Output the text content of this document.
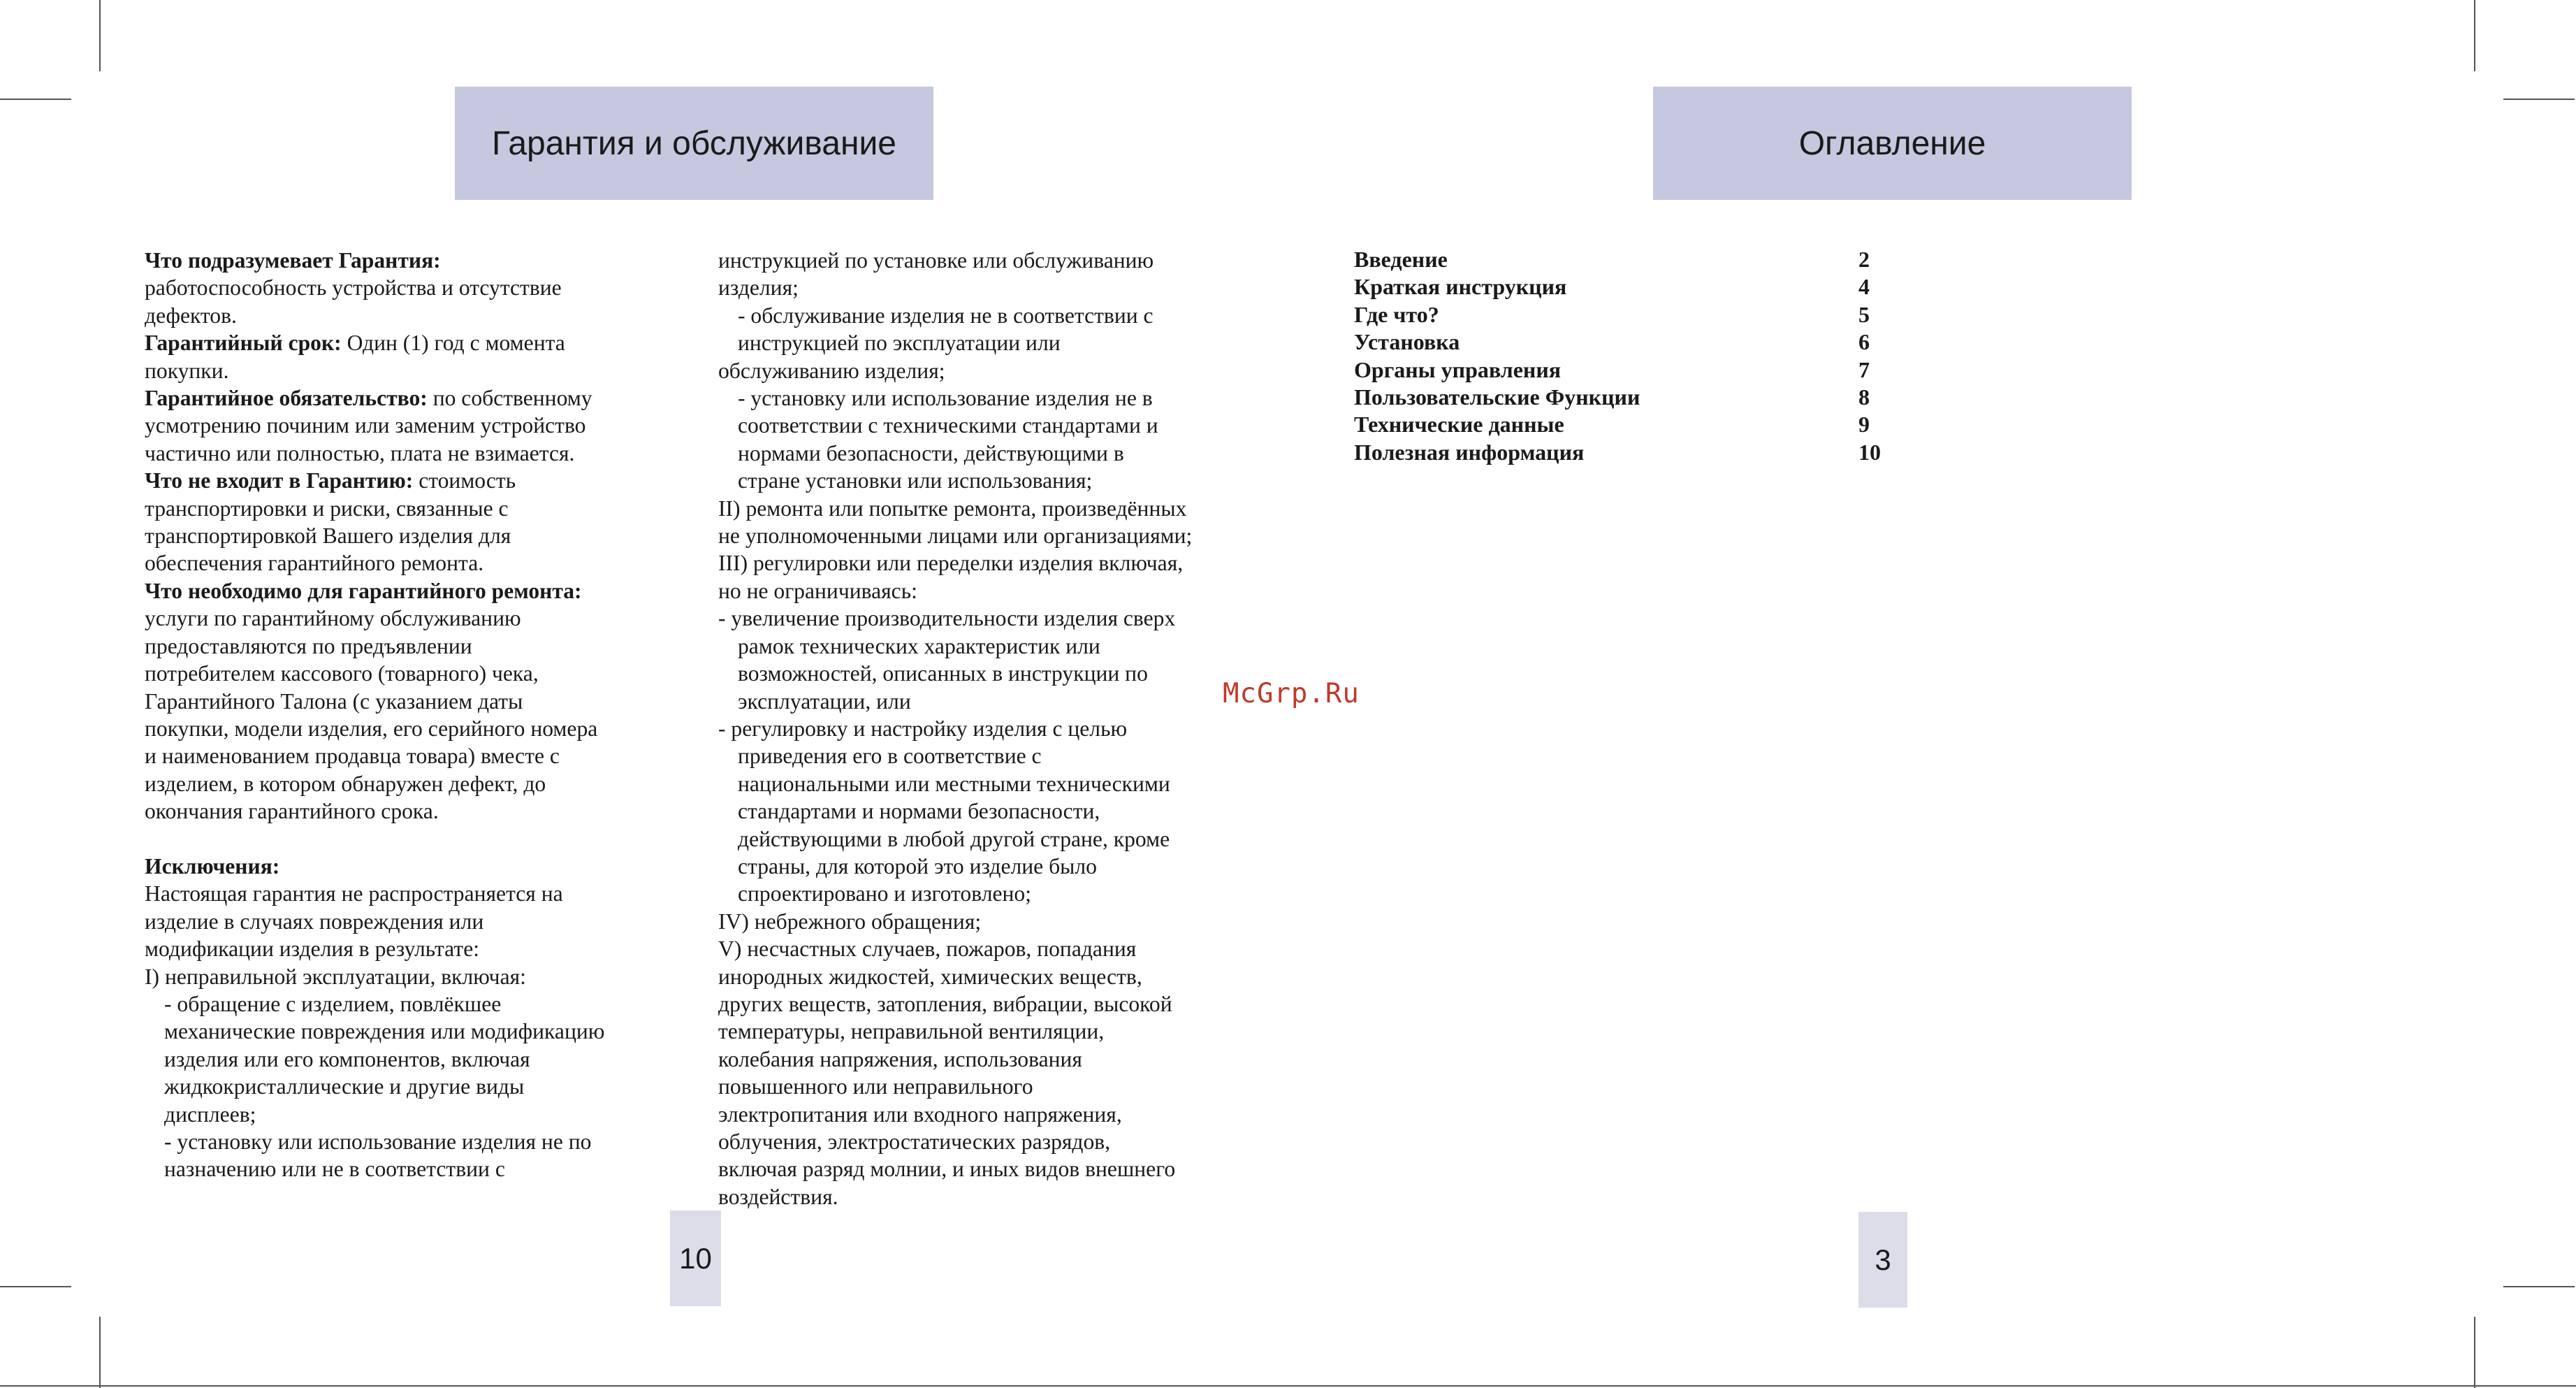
Гарантия и обслуживание

Что подразумевает Гарантия:

работоспособность устройства и отсутствие

дефектов.

Гарантийный срок: Один (1) год с момента

покупки.

Гарантийное обязательство: по собственному

усмотрению починим или заменим устройство

частично или полностью, плата не взимается.

Что не входит в Гарантию: стоимость

транспортировки и риски, связанные с

транспортировкой Вашего изделия для

обеспечения гарантийного ремонта.

Что необходимо для гарантийного ремонта:

услуги по гарантийному обслуживанию

предоставляются по предъявлении

потребителем кассового (товарного) чека,

Гарантийного Талона (с указанием даты

покупки, модели изделия, его серийного номера

и наименованием продавца товара) вместе с

изделием, в котором обнаружен дефект, до

окончания гарантийного срока.

Исключения:

Настоящая гарантия не распространяется на

изделие в случаях повреждения или

модификации изделия в результате:

I) неправильной эксплуатации, включая:

- обращение с изделием, повлёкшее

механические повреждения или модификацию

изделия или его компонентов, включая

жидкокристаллические и другие виды

дисплеев;

- установку или использование изделия не по

назначению или не в соответствии с

инструкцией по установке или обслуживанию

изделия;

- обслуживание изделия не в соответствии с

инструкцией по эксплуатации или

обслуживанию изделия;

- установку или использование изделия не в

соответствии с техническими стандартами и

нормами безопасности, действующими в

стране установки или использования;

II) ремонта или попытке ремонта, произведённых

не уполномоченными лицами или организациями;

III) регулировки или переделки изделия включая,

но не ограничиваясь:

- увеличение производительности изделия сверх

рамок технических характеристик или

возможностей, описанных в инструкции по

эксплуатации, или

- регулировку и настройку изделия с целью

приведения его в соответствие с

национальными или местными техническими

стандартами и нормами безопасности,

действующими в любой другой стране, кроме

страны, для которой это изделие было

спроектировано и изготовлено;

IV) небрежного обращения;

V) несчастных случаев, пожаров, попадания

инородных жидкостей, химических веществ,

других веществ, затопления, вибрации, высокой

температуры, неправильной вентиляции,

колебания напряжения, использования

повышенного или неправильного

электропитания или входного напряжения,

облучения, электростатических разрядов,

включая разряд молнии, и иных видов внешнего

воздействия.

10
Оглавление
Введение	2
Краткая инструкция	4
Где что?	5
Установка	6
Органы управления	7
Пользовательские Функции	8
Технические данные	9
Полезная информация	10
3
McGrp.Ru
